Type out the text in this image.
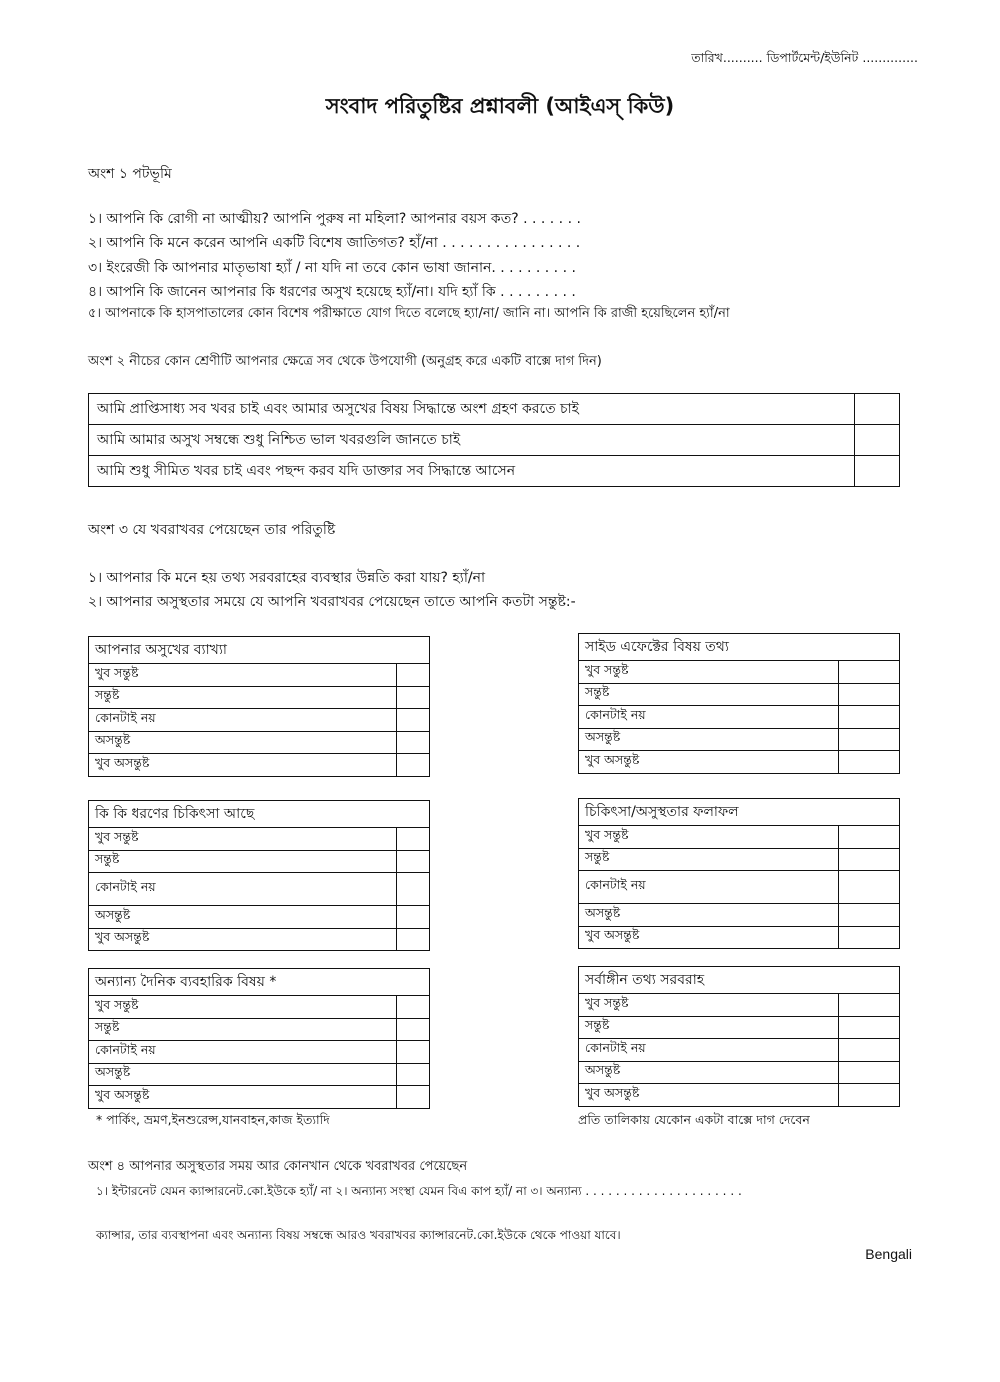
তারিখ.......... ডিপার্টমেন্ট/ইউনিট ..............
সংবাদ পরিতুষ্টির প্রশ্নাবলী (আইএস্ কিউ)
অংশ ১ পটভূমি
১। আপনি কি রোগী না আত্মীয়? আপনি পুরুষ না মহিলা? আপনার বয়স কত? . . . . . . .
২। আপনি কি মনে করেন আপনি একটি বিশেষ জাতিগত? হাঁ/না . . . . . . . . . . . . . . . .
৩। ইংরেজী কি আপনার মাতৃভাষা হ্যাঁ / না যদি না তবে কোন ভাষা জানান. . . . . . . . . .
৪। আপনি কি জানেন আপনার কি ধরণের অসুখ হয়েছে হ্যাঁ/না। যদি হ্যাঁ কি . . . . . . . . .
৫। আপনাকে কি হাসপাতালের কোন বিশেষ পরীক্ষাতে যোগ দিতে বলেছে হ্যা/না/ জানি না। আপনি কি রাজী হয়েছিলেন হ্যাঁ/না
অংশ ২ নীচের কোন শ্রেণীটি আপনার ক্ষেত্রে সব থেকে উপযোগী (অনুগ্রহ করে একটি বাক্সে দাগ দিন)
আমি প্রাপ্তিসাধ্য সব খবর চাই এবং আমার অসুখের বিষয় সিদ্ধান্তে অংশ গ্রহণ করতে চাই	
আমি আমার অসুখ সম্বন্ধে শুধু নিশ্চিত ভাল খবরগুলি জানতে চাই	
আমি শুধু সীমিত খবর চাই এবং পছন্দ করব যদি ডাক্তার সব সিদ্ধান্তে আসেন	
অংশ ৩ যে খবরাখবর পেয়েছেন তার পরিতুষ্টি
১। আপনার কি মনে হয় তথ্য সরবরাহের ব্যবস্থার উন্নতি করা যায়? হ্যাঁ/না
২। আপনার অসুস্থতার সময়ে যে আপনি খবরাখবর পেয়েছেন তাতে আপনি কতটা সন্তুষ্ট:-
আপনার অসুখের ব্যাখ্যা	
খুব সন্তুষ্ট	
সন্তুষ্ট	
কোনটাই নয়	
অসন্তুষ্ট	
খুব অসন্তুষ্ট	
সাইড এফেক্টের বিষয় তথ্য	
খুব সন্তুষ্ট	
সন্তুষ্ট	
কোনটাই নয়	
অসন্তুষ্ট	
খুব অসন্তুষ্ট	
কি কি ধরণের চিকিৎসা আছে	
খুব সন্তুষ্ট	
সন্তুষ্ট	
কোনটাই নয়	
অসন্তুষ্ট	
খুব অসন্তুষ্ট	
চিকিৎসা/অসুস্থতার ফলাফল	
খুব সন্তুষ্ট	
সন্তুষ্ট	
কোনটাই নয়	
অসন্তুষ্ট	
খুব অসন্তুষ্ট	
অন্যান্য দৈনিক ব্যবহারিক বিষয় *	
খুব সন্তুষ্ট	
সন্তুষ্ট	
কোনটাই নয়	
অসন্তুষ্ট	
খুব অসন্তুষ্ট	
সর্বাঙ্গীন তথ্য সরবরাহ	
খুব সন্তুষ্ট	
সন্তুষ্ট	
কোনটাই নয়	
অসন্তুষ্ট	
খুব অসন্তুষ্ট	
* পার্কিং, ভ্রমণ,ইনশুরেন্স,যানবাহন,কাজ ইত্যাদি	প্রতি তালিকায় যেকোন একটা বাক্সে দাগ দেবেন
অংশ ৪ আপনার অসুস্থতার সময় আর কোনখান থেকে খবরাখবর পেয়েছেন
১। ইন্টারনেট যেমন ক্যান্সারনেট.কো.ইউকে হ্যাঁ/ না ২। অন্যান্য সংস্থা যেমন বিএ কাপ হ্যাঁ/ না ৩। অন্যান্য . . . . . . . . . . . . . . . . . . . . .
ক্যান্সার, তার ব্যবস্থাপনা এবং অন্যান্য বিষয় সম্বন্ধে আরও খবরাখবর ক্যান্সারনেট.কো.ইউকে থেকে পাওয়া যাবে।
Bengali
